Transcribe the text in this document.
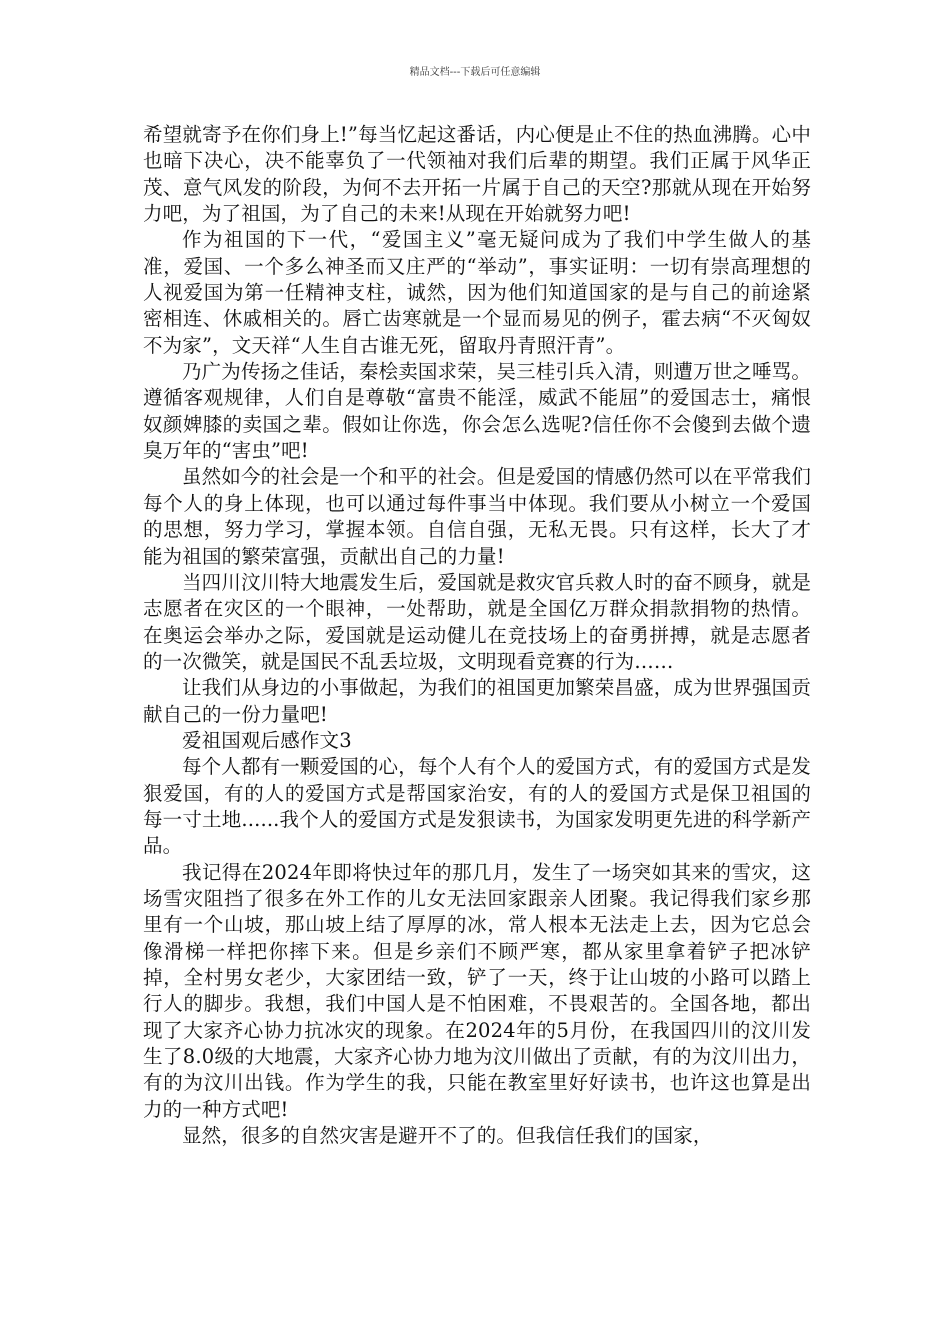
精品文档---下载后可任意编辑

希望就寄予在你们身上!”每当忆起这番话，内心便是止不住的热血沸腾。心中也暗下决心，决不能辜负了一代领袖对我们后辈的期望。我们正属于风华正茂、意气风发的阶段，为何不去开拓一片属于自己的天空?那就从现在开始努力吧，为了祖国，为了自己的未来!从现在开始就努力吧!

作为祖国的下一代，“爱国主义”毫无疑问成为了我们中学生做人的基准，爱国、一个多么神圣而又庄严的“举动”，事实证明：一切有崇高理想的人视爱国为第一任精神支柱，诚然，因为他们知道国家的是与自己的前途紧密相连、休戚相关的。唇亡齿寒就是一个显而易见的例子，霍去病“不灭匈奴不为家”，文天祥“人生自古谁无死，留取丹青照汗青”。

乃广为传扬之佳话，秦桧卖国求荣，吴三桂引兵入清，则遭万世之唾骂。遵循客观规律，人们自是尊敬“富贵不能淫，威武不能屈”的爱国志士，痛恨奴颜婢膝的卖国之辈。假如让你选，你会怎么选呢?信任你不会傻到去做个遗臭万年的“害虫”吧!

虽然如今的社会是一个和平的社会。但是爱国的情感仍然可以在平常我们每个人的身上体现，也可以通过每件事当中体现。我们要从小树立一个爱国的思想，努力学习，掌握本领。自信自强，无私无畏。只有这样，长大了才能为祖国的繁荣富强，贡献出自己的力量!

当四川汶川特大地震发生后，爱国就是救灾官兵救人时的奋不顾身，就是志愿者在灾区的一个眼神，一处帮助，就是全国亿万群众捐款捐物的热情。在奥运会举办之际，爱国就是运动健儿在竞技场上的奋勇拼搏，就是志愿者的一次微笑，就是国民不乱丢垃圾，文明现看竞赛的行为……

让我们从身边的小事做起，为我们的祖国更加繁荣昌盛，成为世界强国贡献自己的一份力量吧!

爱祖国观后感作文3

每个人都有一颗爱国的心，每个人有个人的爱国方式，有的爱国方式是发狠爱国，有的人的爱国方式是帮国家治安，有的人的爱国方式是保卫祖国的每一寸土地......我个人的爱国方式是发狠读书，为国家发明更先进的科学新产品。

我记得在2024年即将快过年的那几月，发生了一场突如其来的雪灾，这场雪灾阻挡了很多在外工作的儿女无法回家跟亲人团聚。我记得我们家乡那里有一个山坡，那山坡上结了厚厚的冰，常人根本无法走上去，因为它总会像滑梯一样把你摔下来。但是乡亲们不顾严寒，都从家里拿着铲子把冰铲掉，全村男女老少，大家团结一致，铲了一天，终于让山坡的小路可以踏上行人的脚步。我想，我们中国人是不怕困难，不畏艰苦的。全国各地，都出现了大家齐心协力抗冰灾的现象。在2024年的5月份，在我国四川的汶川发生了8.0级的大地震，大家齐心协力地为汶川做出了贡献，有的为汶川出力，有的为汶川出钱。作为学生的我，只能在教室里好好读书，也许这也算是出力的一种方式吧!

显然，很多的自然灾害是避开不了的。但我信任我们的国家，
